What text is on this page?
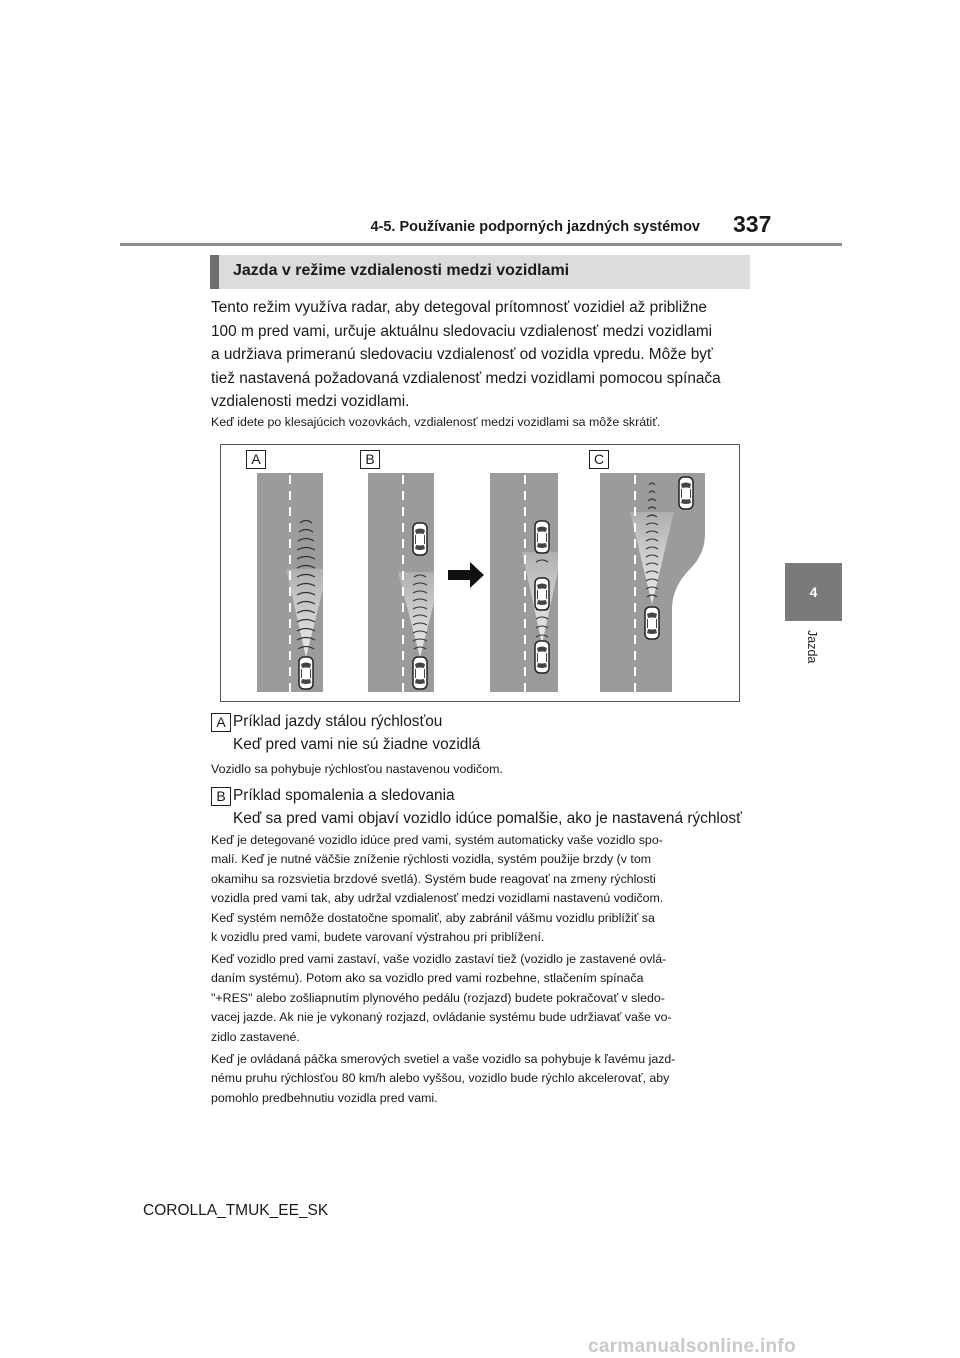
4-5. Používanie podporných jazdných systémov 337
4
Jazda
Jazda v režime vzdialenosti medzi vozidlami
Tento režim využíva radar, aby detegoval prítomnosť vozidiel až približne
100 m pred vami, určuje aktuálnu sledovaciu vzdialenosť medzi vozidlami
a udržiava primeranú sledovaciu vzdialenosť od vozidla vpredu. Môže byť
tiež nastavená požadovaná vzdialenosť medzi vozidlami pomocou spínača
vzdialenosti medzi vozidlami.
Keď idete po klesajúcich vozovkách, vzdialenosť medzi vozidlami sa môže skrátiť.
A	B	C
A Príklad jazdy stálou rýchlosťou
Keď pred vami nie sú žiadne vozidlá
Vozidlo sa pohybuje rýchlosťou nastavenou vodičom.
B Príklad spomalenia a sledovania
Keď sa pred vami objaví vozidlo idúce pomalšie, ako je nastavená rýchlosť
Keď je detegované vozidlo idúce pred vami, systém automaticky vaše vozidlo spo-
malí. Keď je nutné väčšie zníženie rýchlosti vozidla, systém použije brzdy (v tom
okamihu sa rozsvietia brzdové svetlá). Systém bude reagovať na zmeny rýchlosti
vozidla pred vami tak, aby udržal vzdialenosť medzi vozidlami nastavenú vodičom.
Keď systém nemôže dostatočne spomaliť, aby zabránil vášmu vozidlu priblížiť sa
k vozidlu pred vami, budete varovaní výstrahou pri priblížení.
Keď vozidlo pred vami zastaví, vaše vozidlo zastaví tiež (vozidlo je zastavené ovlá-
daním systému). Potom ako sa vozidlo pred vami rozbehne, stlačením spínača
"+RES" alebo zošliapnutím plynového pedálu (rozjazd) budete pokračovať v sledo-
vacej jazde. Ak nie je vykonaný rozjazd, ovládanie systému bude udržiavať vaše vo-
zidlo zastavené.
Keď je ovládaná páčka smerových svetiel a vaše vozidlo sa pohybuje k ľavému jazd-
nému pruhu rýchlosťou 80 km/h alebo vyššou, vozidlo bude rýchlo akcelerovať, aby
pomohlo predbehnutiu vozidla pred vami.
COROLLA_TMUK_EE_SK
carmanualsonline.info
